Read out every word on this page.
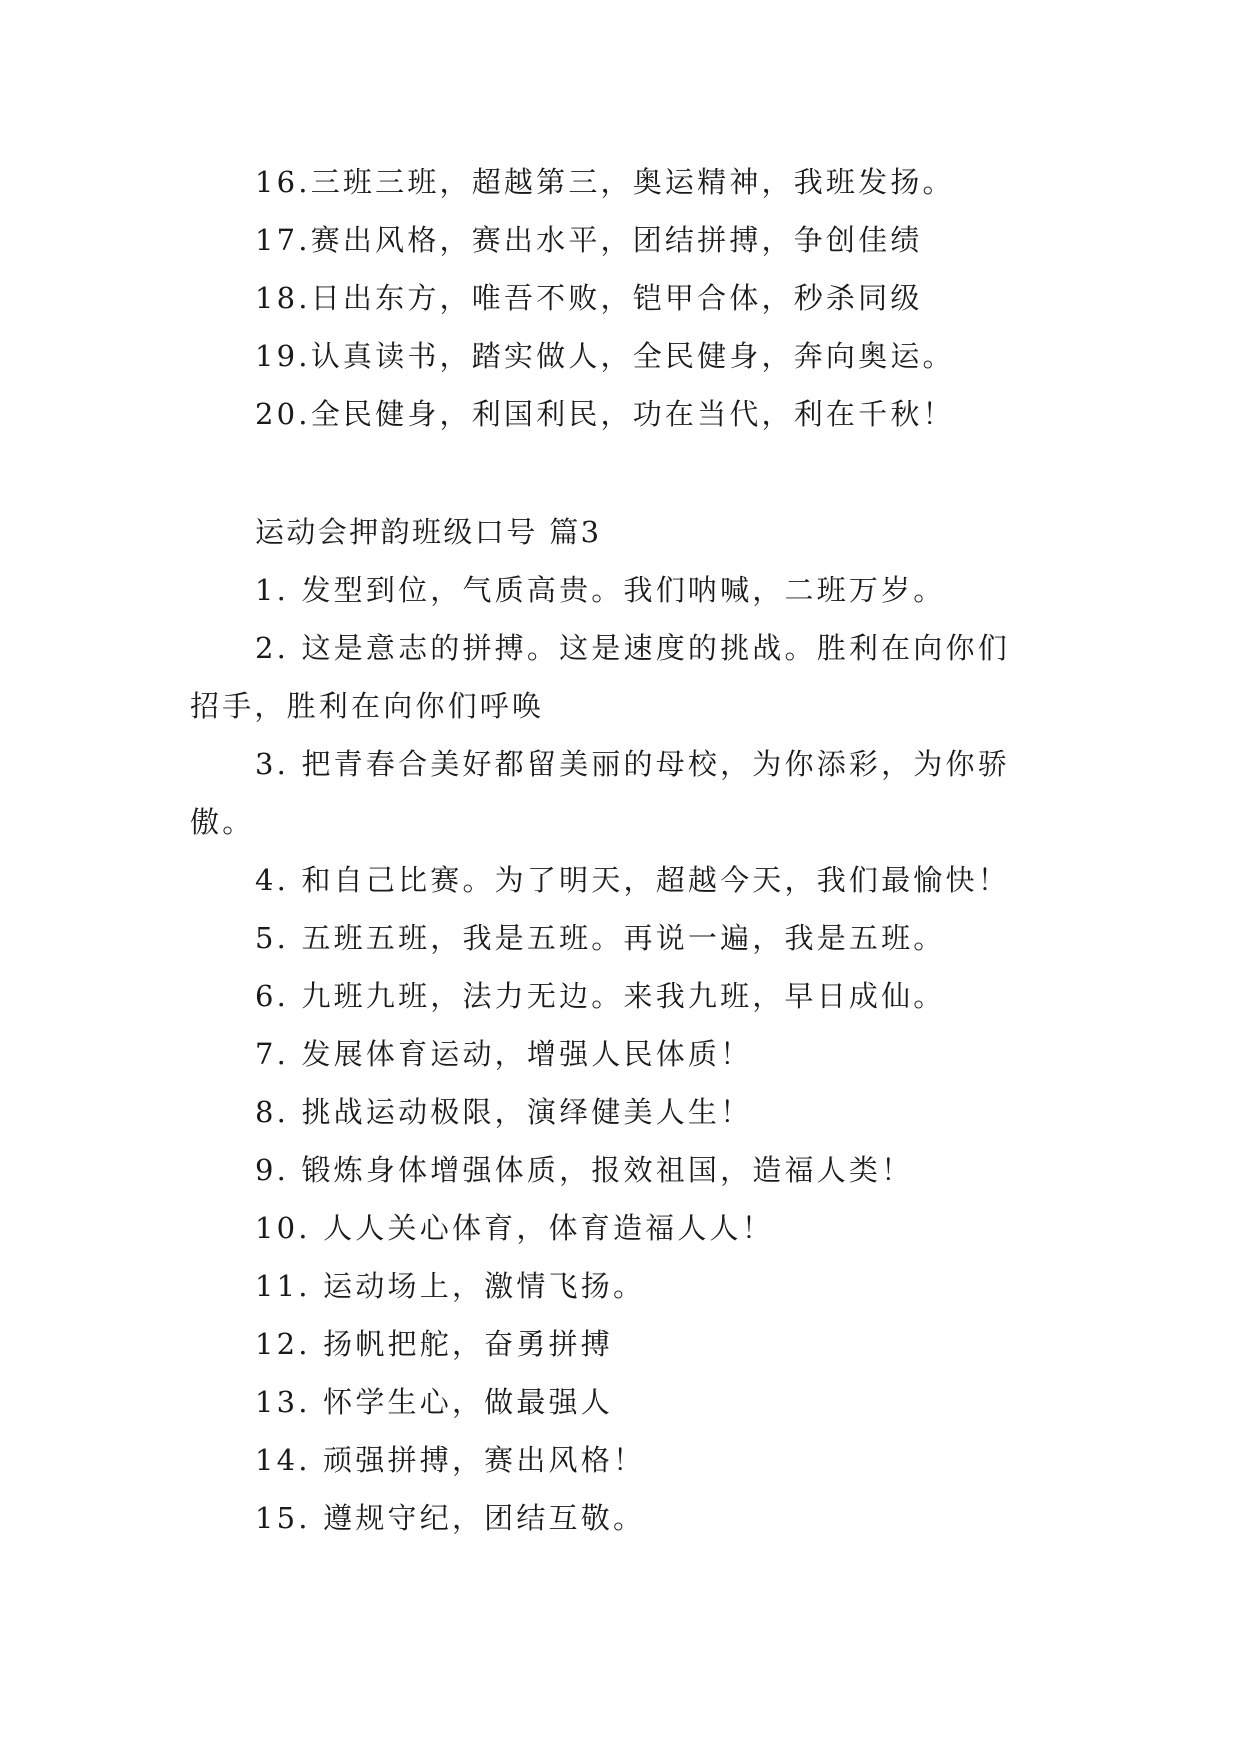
16.三班三班，超越第三，奥运精神，我班发扬。
17.赛出风格，赛出水平，团结拼搏，争创佳绩
18.日出东方，唯吾不败，铠甲合体，秒杀同级
19.认真读书，踏实做人，全民健身，奔向奥运。
20.全民健身，利国利民，功在当代，利在千秋！
运动会押韵班级口号 篇3
1. 发型到位，气质高贵。我们呐喊，二班万岁。
2. 这是意志的拼搏。这是速度的挑战。胜利在向你们
招手，胜利在向你们呼唤
3. 把青春合美好都留美丽的母校，为你添彩，为你骄
傲。
4. 和自己比赛。为了明天，超越今天，我们最愉快！
5. 五班五班，我是五班。再说一遍，我是五班。
6. 九班九班，法力无边。来我九班，早日成仙。
7. 发展体育运动，增强人民体质！
8. 挑战运动极限，演绎健美人生！
9. 锻炼身体增强体质，报效祖国，造福人类！
10. 人人关心体育，体育造福人人！
11. 运动场上，激情飞扬。
12. 扬帆把舵，奋勇拼搏
13. 怀学生心，做最强人
14. 顽强拼搏，赛出风格！
15. 遵规守纪，团结互敬。
